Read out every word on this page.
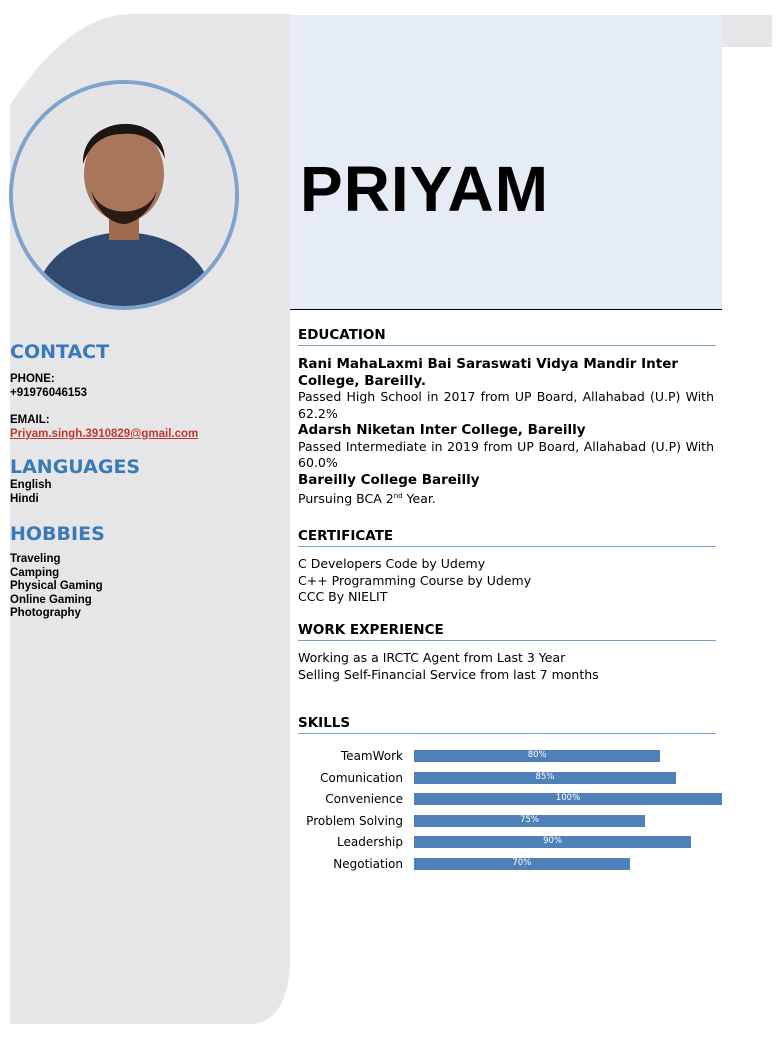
PRIYAM
CONTACT
PHONE:
+91976046153
EMAIL:
Priyam.singh.3910829@gmail.com
LANGUAGES
English
Hindi
HOBBIES
Traveling
Camping
Physical Gaming
Online Gaming
Photography
EDUCATION
Rani MahaLaxmi Bai Saraswati Vidya Mandir Inter College, Bareilly.
Passed High School in 2017 from UP Board, Allahabad (U.P) With 62.2%
Adarsh Niketan Inter College, Bareilly
Passed Intermediate in 2019 from UP Board, Allahabad (U.P) With 60.0%
Bareilly College Bareilly
Pursuing BCA 2nd Year.
CERTIFICATE
C Developers Code by Udemy
C++ Programming Course by Udemy
CCC By NIELIT
WORK EXPERIENCE
Working as a IRCTC Agent from Last 3 Year
Selling Self-Financial Service from last 7 months
SKILLS
TeamWork	80%
Comunication	85%
Convenience	100%
Problem Solving	75%
Leadership	90%
Negotiation	70%
